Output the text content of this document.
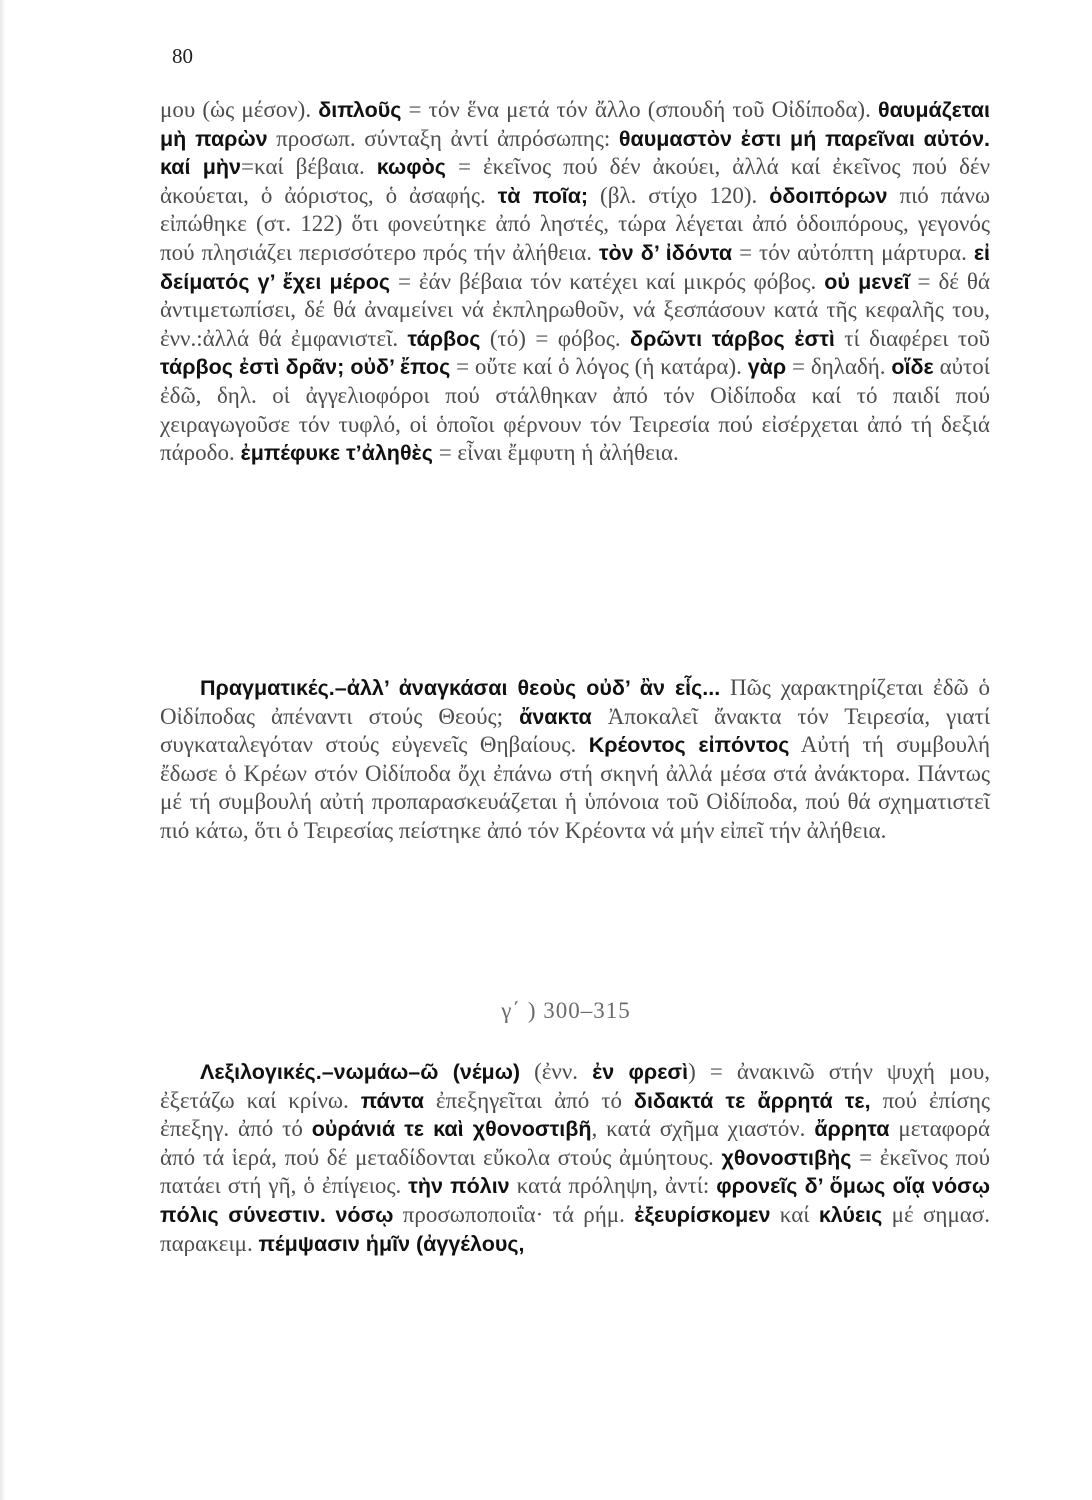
80
μου (ὡς μέσον). διπλοῦς = τόν ἕνα μετά τόν ἄλλο (σπουδή τοῦ Οἰδίποδα). θαυμάζεται μὴ παρὼν προσωπ. σύνταξη ἀντί ἀπρόσωπης: θαυμαστὸν ἐστι μή παρεῖναι αὐτόν. καί μὴν=καί βέβαια. κωφὸς = ἐκεῖνος πού δέν ἀκούει, ἀλλά καί ἐκεῖνος πού δέν ἀκούεται, ὁ ἀόριστος, ὁ ἀσαφής. τὰ ποῖα; (βλ. στίχο 120). ὁδοιπόρων πιό πάνω εἰπώθηκε (στ. 122) ὅτι φονεύτηκε ἀπό ληστές, τώρα λέγεται ἀπό ὁδοιπόρους, γεγονός πού πλησιάζει περισσότερο πρός τήν ἀλήθεια. τὸν δ’ ἰδόντα = τόν αὐτόπτη μάρτυρα. εἰ δείματός γ’ ἔχει μέρος = ἐάν βέβαια τόν κατέχει καί μικρός φόβος. οὐ μενεῖ = δέ θά ἀντιμετωπίσει, δέ θά ἀναμείνει νά ἐκπληρωθοῦν, νά ξεσπάσουν κατά τῆς κεφαλῆς του, ἐνν.:ἀλλά θά ἐμφανιστεῖ. τάρβος (τό) = φόβος. δρῶντι τάρβος ἐστὶ τί διαφέρει τοῦ τάρβος ἐστὶ δρᾶν; οὐδ’ ἔπος = οὔτε καί ὁ λόγος (ἡ κατάρα). γὰρ = δηλαδή. οἵδε αὐτοί ἐδῶ, δηλ. οἱ ἀγγελιοφόροι πού στάλθηκαν ἀπό τόν Οἰδίποδα καί τό παιδί πού χειραγωγοῦσε τόν τυφλό, οἱ ὁποῖοι φέρνουν τόν Τειρεσία πού εἰσέρχεται ἀπό τή δεξιά πάροδο. ἐμπέφυκε τ’ἀληθὲς = εἶναι ἔμφυτη ἡ ἀλήθεια.
Πραγματικές.–ἀλλ’ ἀναγκάσαι θεοὺς οὐδ’ ἂν εἷς... Πῶς χαρακτηρίζεται ἐδῶ ὁ Οἰδίποδας ἀπέναντι στούς Θεούς; ἄνακτα Ἀποκαλεῖ ἄνακτα τόν Τειρεσία, γιατί συγκαταλεγόταν στούς εὐγενεῖς Θηβαίους. Κρέοντος εἰπόντος Αὐτή τή συμβουλή ἔδωσε ὁ Κρέων στόν Οἰδίποδα ὄχι ἐπάνω στή σκηνή ἀλλά μέσα στά ἀνάκτορα. Πάντως μέ τή συμβουλή αὐτή προπαρασκευάζεται ἡ ὑπόνοια τοῦ Οἰδίποδα, πού θά σχηματιστεῖ πιό κάτω, ὅτι ὁ Τειρεσίας πείστηκε ἀπό τόν Κρέοντα νά μήν εἰπεῖ τήν ἀλήθεια.
γ΄ ) 300–315
Λεξιλογικές.–νωμάω–ῶ (νέμω) (ἐνν. ἐν φρεσὶ) = ἀνακινῶ στήν ψυχή μου, ἐξετάζω καί κρίνω. πάντα ἐπεξηγεῖται ἀπό τό διδακτά τε ἄρρητά τε, πού ἐπίσης ἐπεξηγ. ἀπό τό οὐράνιά τε καὶ χθονοστιβῆ, κατά σχῆμα χιαστόν. ἄρρητα μεταφορά ἀπό τά ἱερά, πού δέ μεταδίδονται εὔκολα στούς ἀμύητους. χθονοστιβὴς = ἐκεῖνος πού πατάει στή γῆ, ὁ ἐπίγειος. τὴν πόλιν κατά πρόληψη, ἀντί: φρονεῖς δ’ ὅμως οἵᾳ νόσῳ πόλις σύνεστιν. νόσῳ προσωποποιΐα· τά ρήμ. ἐξευρίσκομεν καί κλύεις μέ σημασ. παρακειμ. πέμψασιν ἡμῖν (ἀγγέλους,
